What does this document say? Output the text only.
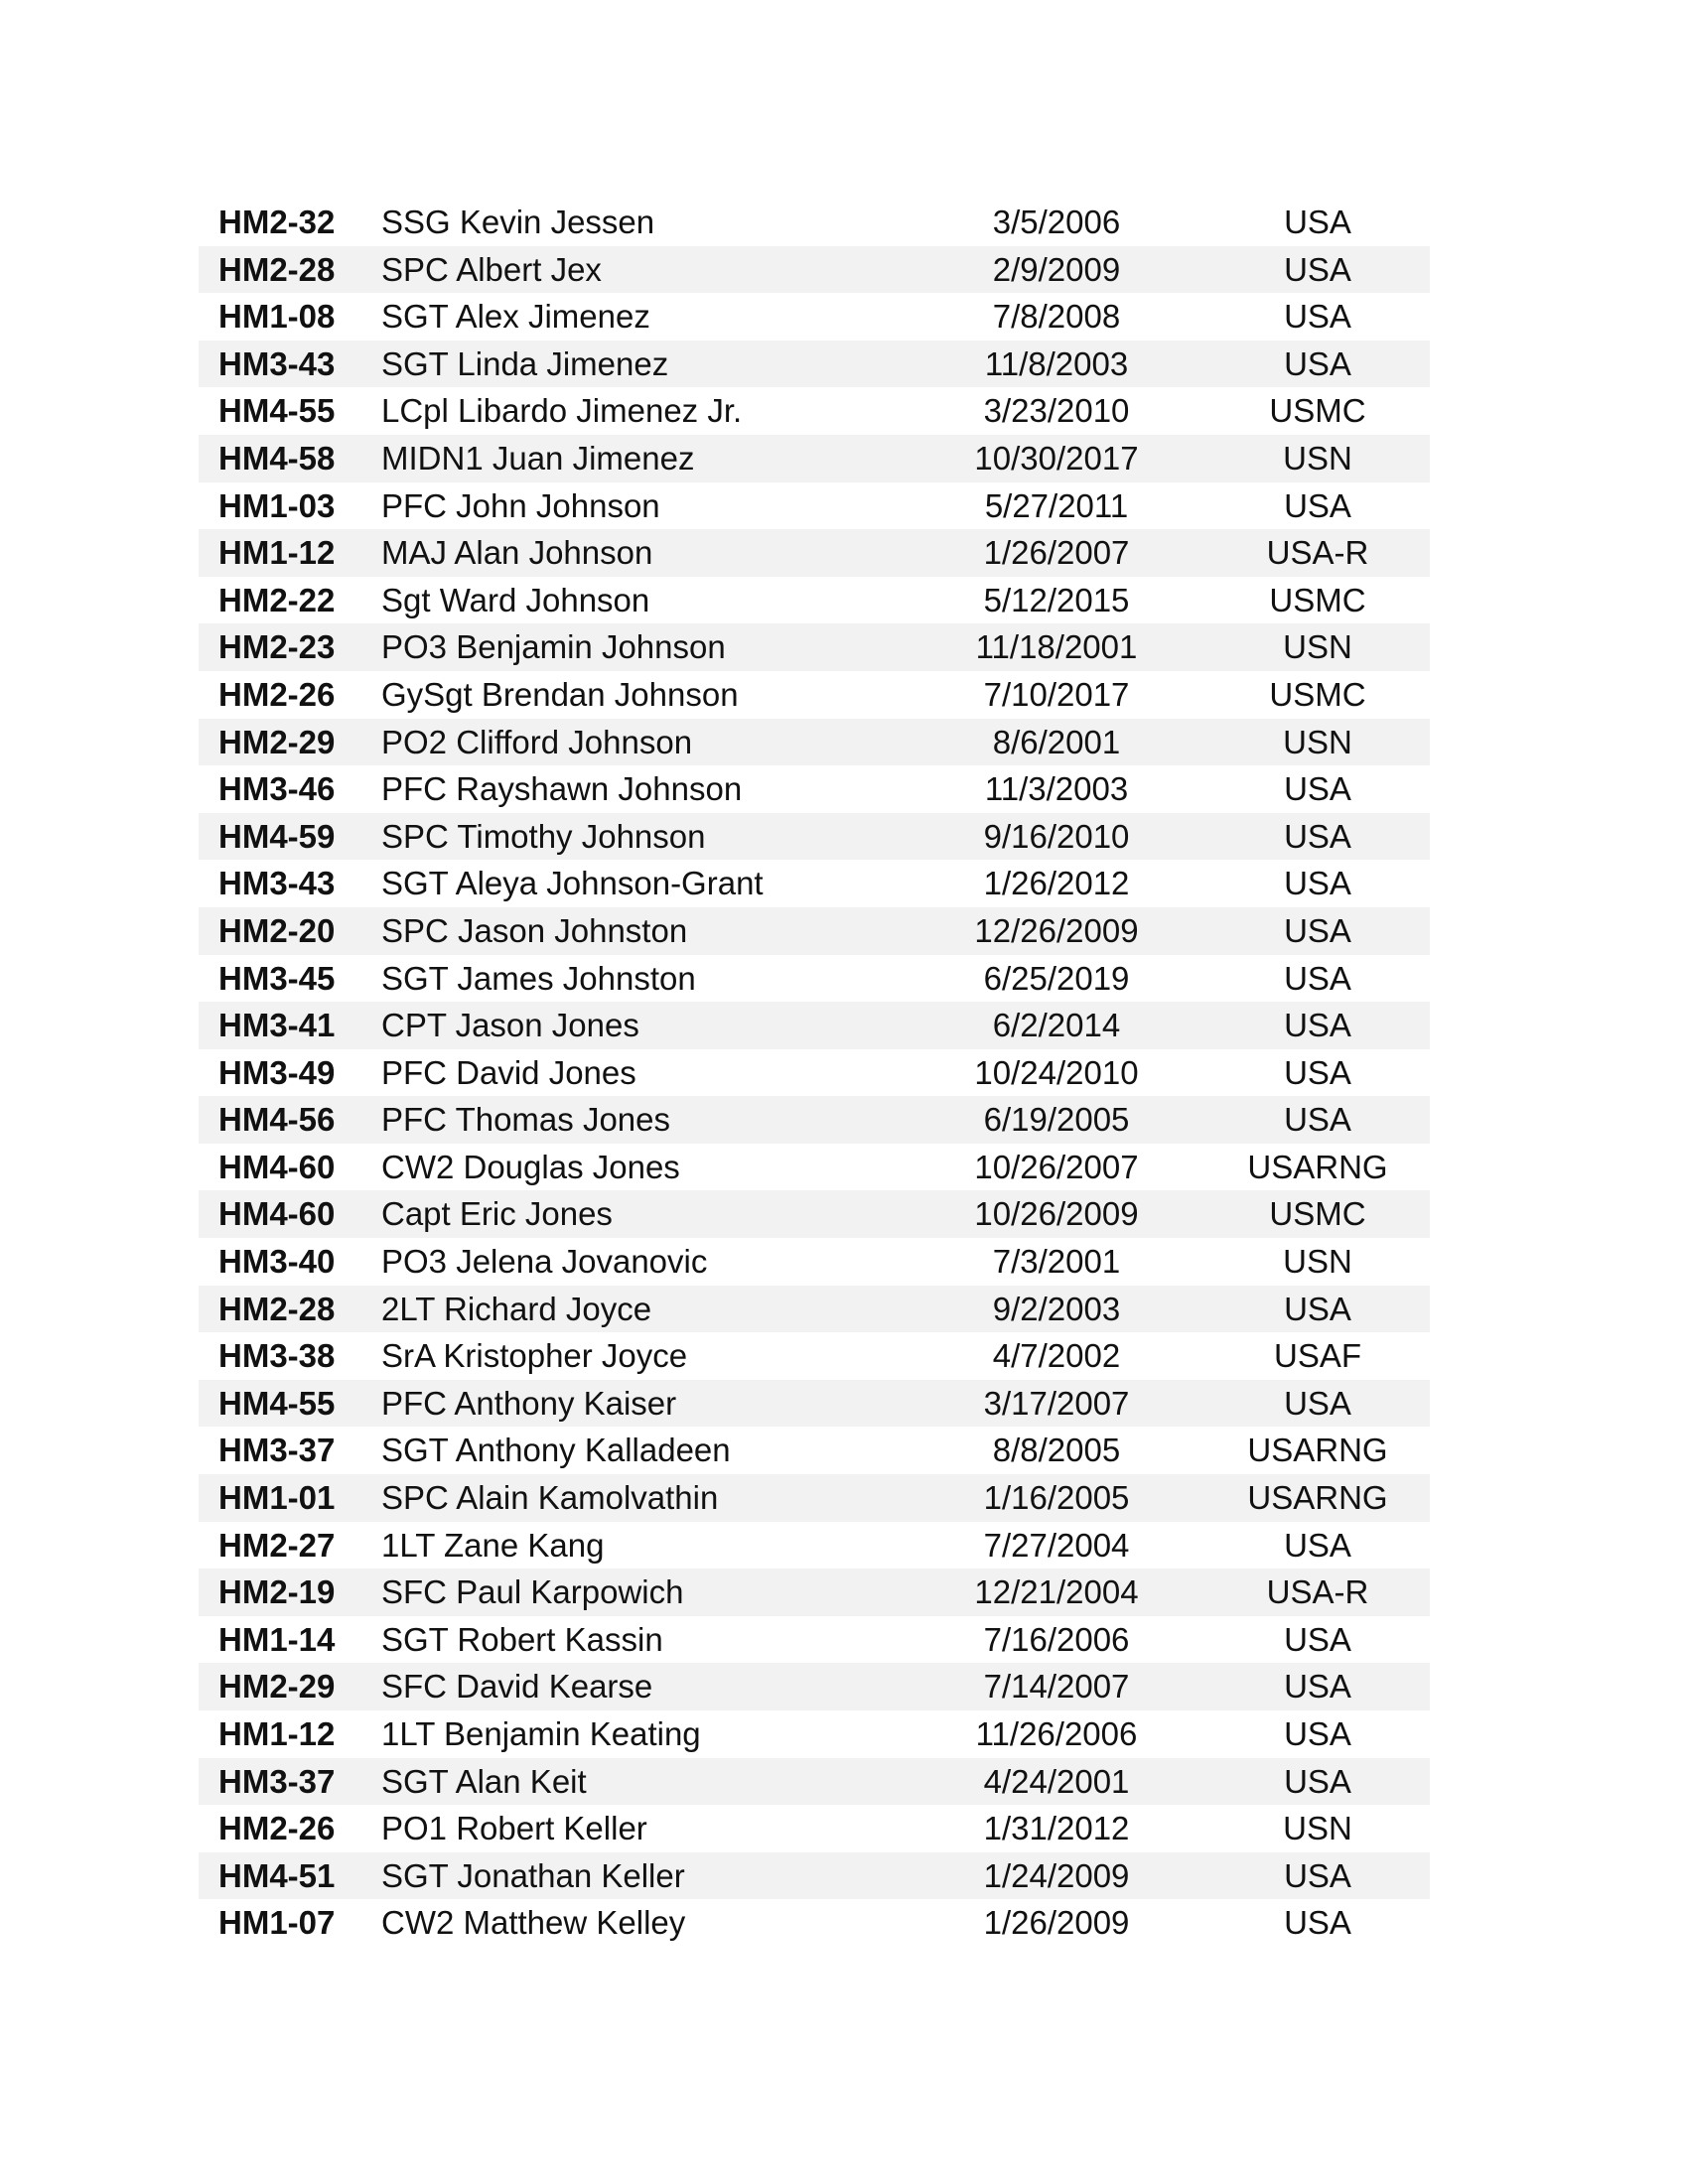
HM2-32	SSG Kevin Jessen	3/5/2006	USA
HM2-28	SPC Albert Jex	2/9/2009	USA
HM1-08	SGT Alex Jimenez	7/8/2008	USA
HM3-43	SGT Linda Jimenez	11/8/2003	USA
HM4-55	LCpl Libardo Jimenez Jr.	3/23/2010	USMC
HM4-58	MIDN1 Juan Jimenez	10/30/2017	USN
HM1-03	PFC John Johnson	5/27/2011	USA
HM1-12	MAJ Alan Johnson	1/26/2007	USA-R
HM2-22	Sgt Ward Johnson	5/12/2015	USMC
HM2-23	PO3 Benjamin Johnson	11/18/2001	USN
HM2-26	GySgt Brendan Johnson	7/10/2017	USMC
HM2-29	PO2 Clifford Johnson	8/6/2001	USN
HM3-46	PFC Rayshawn Johnson	11/3/2003	USA
HM4-59	SPC Timothy Johnson	9/16/2010	USA
HM3-43	SGT Aleya Johnson-Grant	1/26/2012	USA
HM2-20	SPC Jason Johnston	12/26/2009	USA
HM3-45	SGT James Johnston	6/25/2019	USA
HM3-41	CPT Jason Jones	6/2/2014	USA
HM3-49	PFC David Jones	10/24/2010	USA
HM4-56	PFC Thomas Jones	6/19/2005	USA
HM4-60	CW2 Douglas Jones	10/26/2007	USARNG
HM4-60	Capt Eric Jones	10/26/2009	USMC
HM3-40	PO3 Jelena Jovanovic	7/3/2001	USN
HM2-28	2LT Richard Joyce	9/2/2003	USA
HM3-38	SrA Kristopher Joyce	4/7/2002	USAF
HM4-55	PFC Anthony Kaiser	3/17/2007	USA
HM3-37	SGT Anthony Kalladeen	8/8/2005	USARNG
HM1-01	SPC Alain Kamolvathin	1/16/2005	USARNG
HM2-27	1LT Zane Kang	7/27/2004	USA
HM2-19	SFC Paul Karpowich	12/21/2004	USA-R
HM1-14	SGT Robert Kassin	7/16/2006	USA
HM2-29	SFC David Kearse	7/14/2007	USA
HM1-12	1LT Benjamin Keating	11/26/2006	USA
HM3-37	SGT Alan Keit	4/24/2001	USA
HM2-26	PO1 Robert Keller	1/31/2012	USN
HM4-51	SGT Jonathan Keller	1/24/2009	USA
HM1-07	CW2 Matthew Kelley	1/26/2009	USA
